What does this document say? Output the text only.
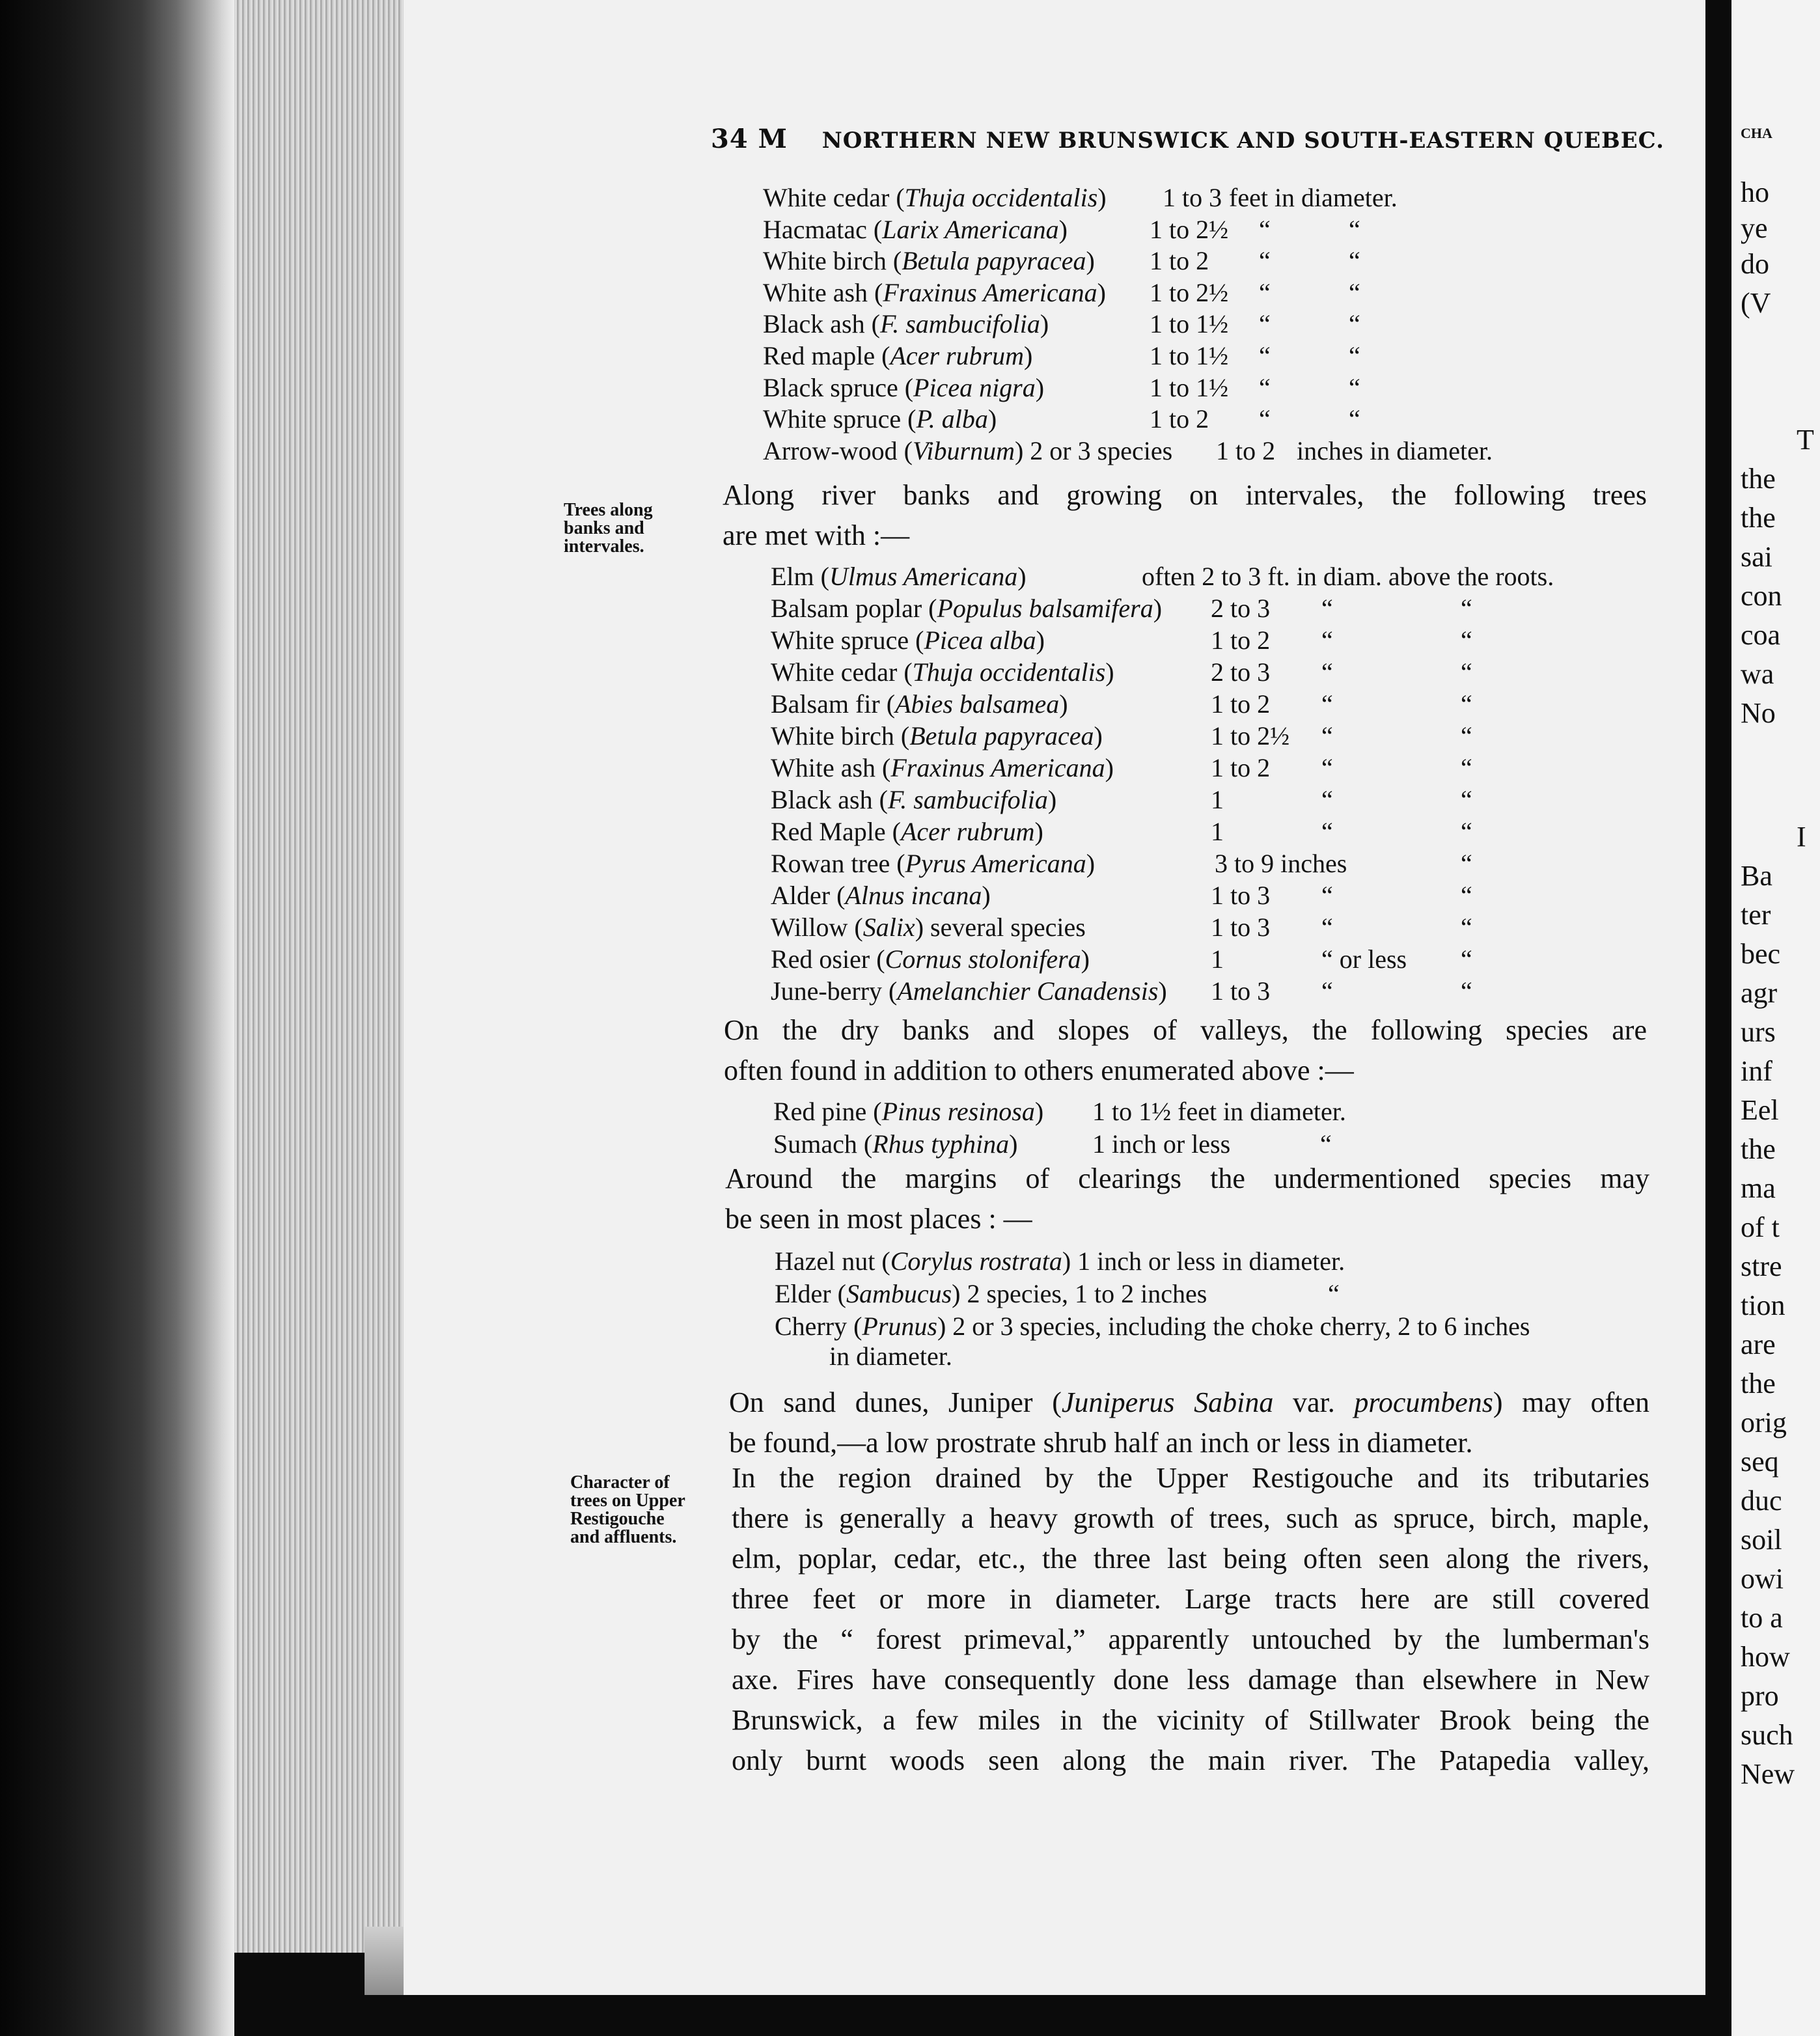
CHA
ho
ye
do
(V
T
the
the
sai
con
coa
wa
No
I
Ba
ter
bec
agr
urs
inf
Eel
the
ma
of t
stre
tion
are
the
orig
seq
duc
soil
owi
to a
how
pro
such
New
34 M NORTHERN NEW BRUNSWICK AND SOUTH-EASTERN QUEBEC.
White cedar (Thuja occidentalis) 1 to 3 feet in diameter.
Hacmatac (Larix Americana)	1 to 2½ “	“
White birch (Betula papyracea) 1 to 2 “	“
White ash (Fraxinus Americana) 1 to 2½ “	“
Black ash (F. sambucifolia)	1 to 1½ “	“
Red maple (Acer rubrum)	1 to 1½ “	“
Black spruce (Picea nigra)	1 to 1½ “	“
White spruce (P. alba)	1 to 2 “	“
Arrow-wood (Viburnum) 2 or 3 species 1 to 2 inches in diameter.
Trees along
banks and
intervales.
Along river banks and growing on intervales, the following trees
are met with :—
Elm (Ulmus Americana)	often 2 to 3 ft. in diam. above the roots.
Balsam poplar (Populus balsamifera) 2 to 3 “	“
White spruce (Picea alba)	1 to 2 “	“
White cedar (Thuja occidentalis)	2 to 3 “	“
Balsam fir (Abies balsamea)	1 to 2 “	“
White birch (Betula papyracea)	1 to 2½ “	“
White ash (Fraxinus Americana)	1 to 2 “	“
Black ash (F. sambucifolia)	1	“	“
Red Maple (Acer rubrum)	1	“	“
Rowan tree (Pyrus Americana)	3 to 9 inches	“
Alder (Alnus incana)	1 to 3 “	“
Willow (Salix) several species	1 to 3 “	“
Red osier (Cornus stolonifera)	1	“ or less “
June-berry (Amelanchier Canadensis) 1 to 3 “	“
On the dry banks and slopes of valleys, the following species are
often found in addition to others enumerated above :—
Red pine (Pinus resinosa) 1 to 1½ feet in diameter.
Sumach (Rhus typhina)	1 inch or less	“
Around the margins of clearings the undermentioned species may
be seen in most places : —
Hazel nut (Corylus rostrata) 1 inch or less in diameter.
Elder (Sambucus) 2 species, 1 to 2 inches	“
Cherry (Prunus) 2 or 3 species, including the choke cherry, 2 to 6 inches
in diameter.
On sand dunes, Juniper (Juniperus Sabina var. procumbens) may often
be found,—a low prostrate shrub half an inch or less in diameter.
Character of
trees on Upper
Restigouche
and affluents.
In the region drained by the Upper Restigouche and its tributaries
there is generally a heavy growth of trees, such as spruce, birch, maple,
elm, poplar, cedar, etc., the three last being often seen along the rivers,
three feet or more in diameter. Large tracts here are still covered
by the “ forest primeval,” apparently untouched by the lumberman's
axe. Fires have consequently done less damage than elsewhere in New
Brunswick, a few miles in the vicinity of Stillwater Brook being the
only burnt woods seen along the main river. The Patapedia valley,
